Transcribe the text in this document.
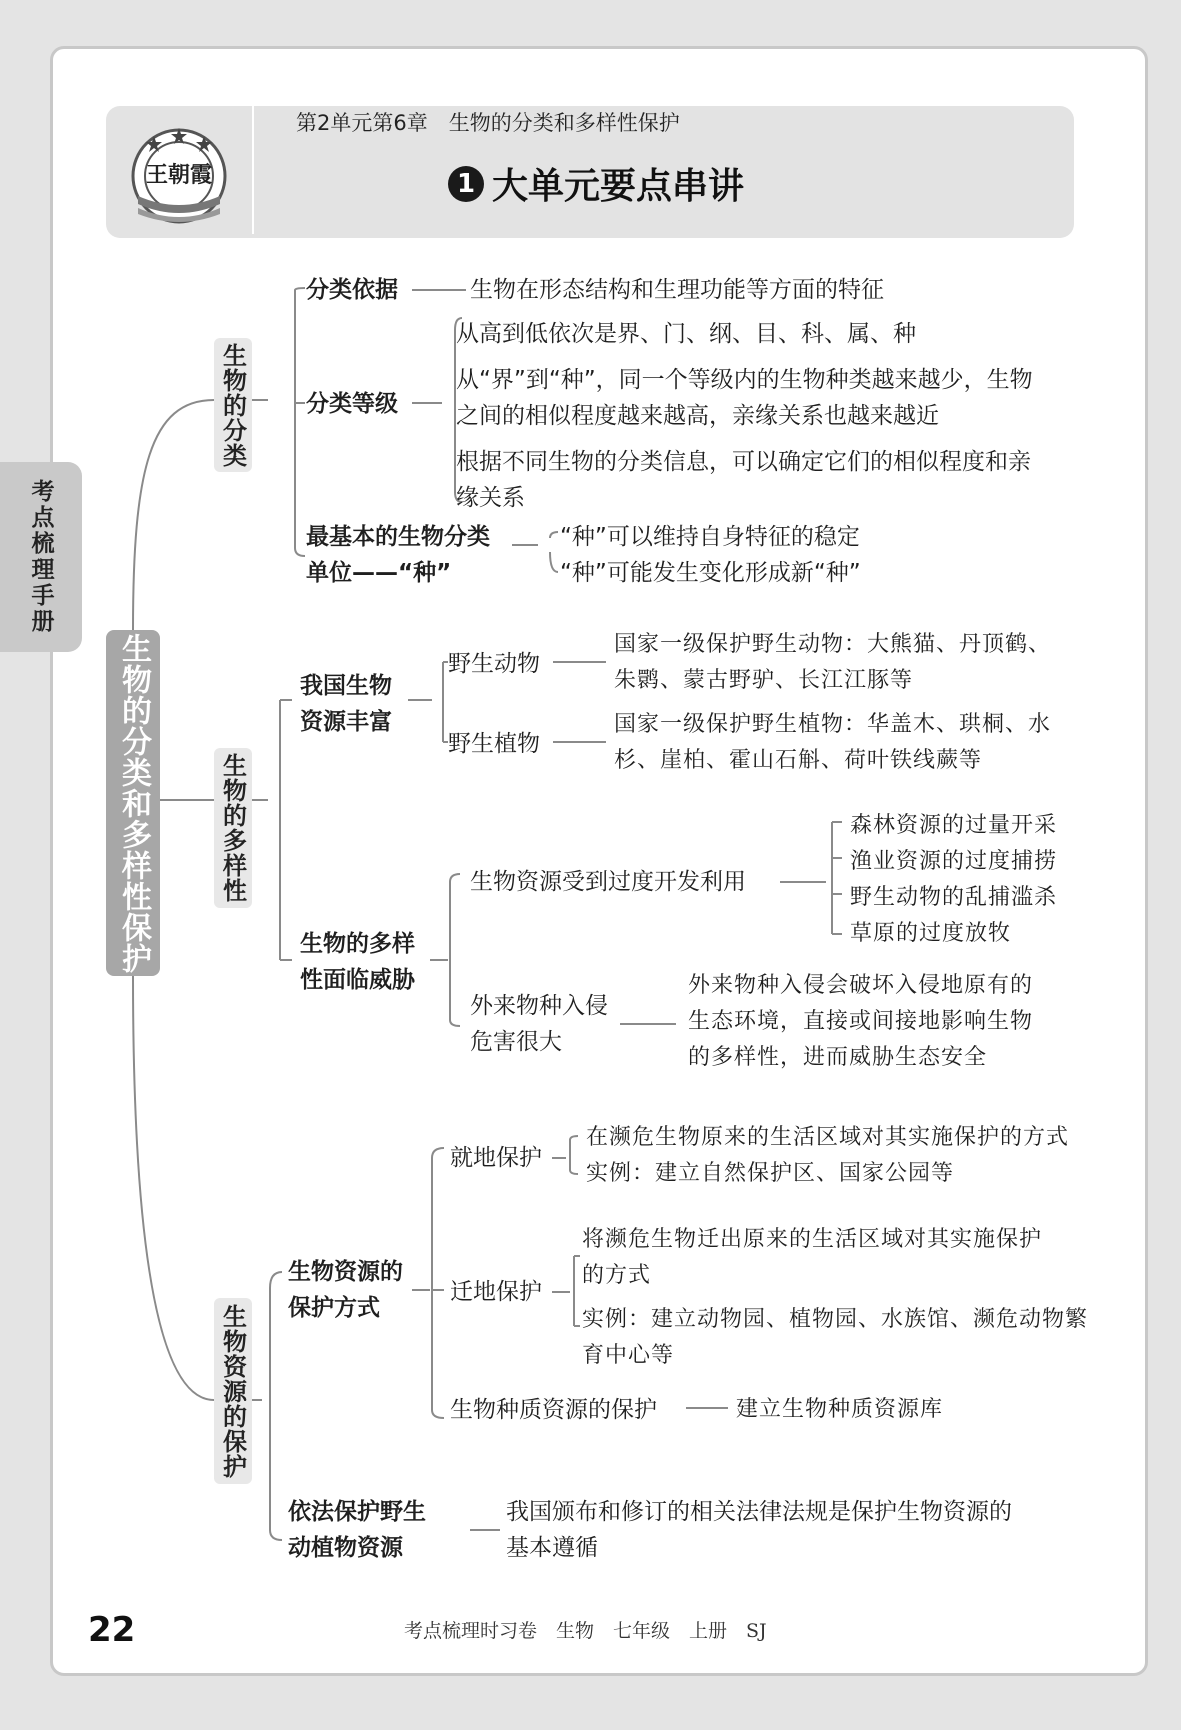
王朝霞
第2单元第6章　生物的分类和多样性保护
1 大单元要点串讲
考点梳理手册
生物的分类和多样性保护
生物的分类
生物的多样性
生物资源的保护
分类依据	生物在形态结构和生理功能等方面的特征
分类等级
从高到低依次是界、门、纲、目、科、属、种
从“界”到“种”，同一个等级内的生物种类越来越少，生物
之间的相似程度越来越高，亲缘关系也越来越近
根据不同生物的分类信息，可以确定它们的相似程度和亲
缘关系
最基本的生物分类
单位——“种”
“种”可以维持自身特征的稳定
“种”可能发生变化形成新“种”
我国生物
资源丰富
野生动物
国家一级保护野生动物：大熊猫、丹顶鹤、
朱鹮、蒙古野驴、长江江豚等
野生植物
国家一级保护野生植物：华盖木、珙桐、水
杉、崖柏、霍山石斛、荷叶铁线蕨等
生物的多样
性面临威胁
生物资源受到过度开发利用
森林资源的过量开采
渔业资源的过度捕捞
野生动物的乱捕滥杀
草原的过度放牧
外来物种入侵
危害很大
外来物种入侵会破坏入侵地原有的
生态环境，直接或间接地影响生物
的多样性，进而威胁生态安全
生物资源的
保护方式
就地保护
在濒危生物原来的生活区域对其实施保护的方式
实例：建立自然保护区、国家公园等
迁地保护
将濒危生物迁出原来的生活区域对其实施保护
的方式
实例：建立动物园、植物园、水族馆、濒危动物繁
育中心等
生物种质资源的保护	建立生物种质资源库
依法保护野生
动植物资源
我国颁布和修订的相关法律法规是保护生物资源的
基本遵循
22	考点梳理时习卷　生物　七年级　上册　SJ
